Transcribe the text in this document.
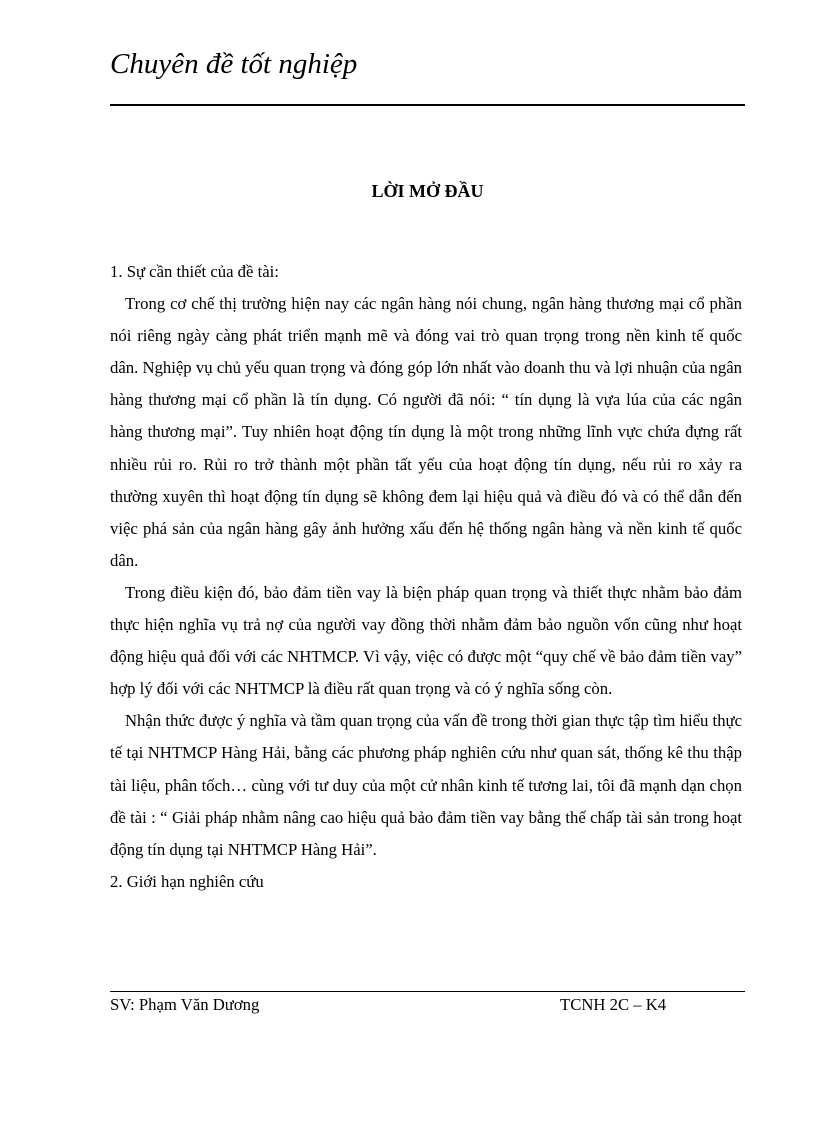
Chuyên đề tốt nghiệp
LỜI MỞ ĐẦU

1. Sự cần thiết của đề tài:

Trong cơ chế thị trường hiện nay các ngân hàng nói chung, ngân hàng thương mại cổ phần nói riêng ngày càng phát triển mạnh mẽ và đóng vai trò quan trọng trong nền kinh tế quốc dân. Nghiệp vụ chủ yếu quan trọng và đóng góp lớn nhất vào doanh thu và lợi nhuận của ngân hàng thương mại cổ phần là tín dụng. Có người đã nói: “ tín dụng là vựa lúa của các ngân hàng thương mại”. Tuy nhiên hoạt động tín dụng là một trong những lĩnh vực chứa đựng rất nhiều rủi ro. Rủi ro trở thành một phần tất yếu của hoạt động tín dụng, nếu rủi ro xảy ra thường xuyên thì hoạt động tín dụng sẽ không đem lại hiệu quả và điều đó và có thể dẫn đến việc phá sản của ngân hàng gây ảnh hưởng xấu đến hệ thống ngân hàng và nền kinh tế quốc dân.

Trong điều kiện đó, bảo đảm tiền vay là biện pháp quan trọng và thiết thực nhằm bảo đảm thực hiện nghĩa vụ trả nợ của người vay đồng thời nhằm đảm bảo nguồn vốn cũng như hoạt động hiệu quả đối với các NHTMCP. Vì vậy, việc có được một “quy chế về bảo đảm tiền vay” hợp lý đối với các NHTMCP là điều rất quan trọng và có ý nghĩa sống còn.

Nhận thức được ý nghĩa và tầm quan trọng của vấn đề trong thời gian thực tập tìm hiểu thực tế tại NHTMCP Hàng Hải, bằng các phương pháp nghiên cứu như quan sát, thống kê thu thập tài liệu, phân tốch… cùng với tư duy của một cử nhân kinh tế tương lai, tôi đã mạnh dạn chọn đề tài : “ Giải pháp nhằm nâng cao hiệu quả bảo đảm tiền vay bằng thế chấp tài sản trong hoạt động tín dụng tại NHTMCP Hàng Hải”.

2. Giới hạn nghiên cứu

SV: Phạm Văn Dương	TCNH 2C – K4
